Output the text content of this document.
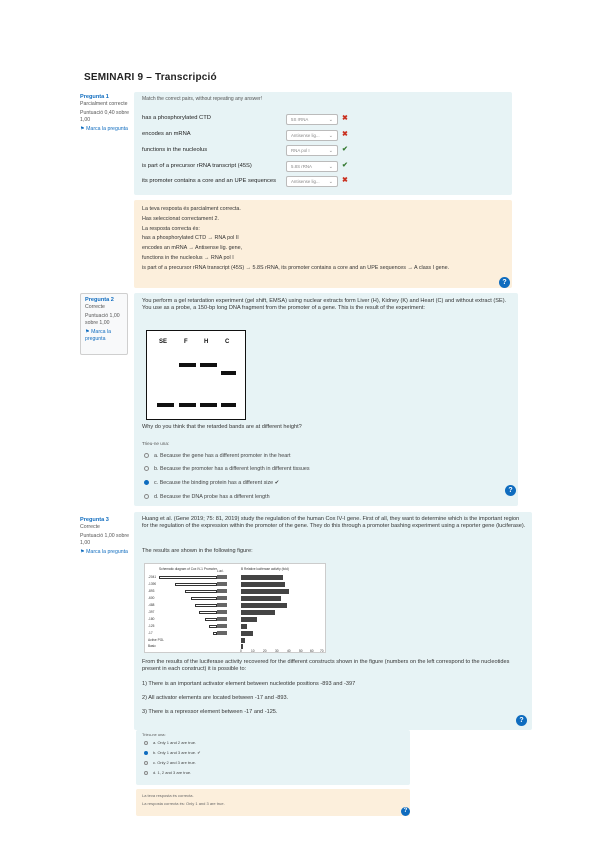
SEMINARI 9 – Transcripció
Pregunta 1
Parcialment correcte
Puntuació 0,40 sobre 1,00
⚑ Marca la pregunta
Match the correct pairs, without repeating any answer!
has a phosphorylated CTD	5S rRNA	⌄ ✖
encodes an mRNA	Antisense lig... ⌄ ✖
functions in the nucleolus	RNA pol I	⌄ ✔
is part of a precursor rRNA transcript (45S)	5.8S rRNA	⌄ ✔
its promoter contains a core and an UPE sequences	Antisense lig... ⌄ ✖
La teva resposta és parcialment correcta.
Has seleccionat correctament 2.
La resposta correcta és:
has a phosphorylated CTD → RNA pol II
encodes an mRNA → Antisense lig. gene,
functions in the nucleolus → RNA pol I
is part of a precursor rRNA transcript (45S) → 5.8S rRNA, its promoter contains a core and an UPE sequences → A class I gene.
?
Pregunta 2
Correcte
Puntuació 1,00 sobre 1,00
⚑ Marca la pregunta
You perform a gel retardation experiment (gel shift, EMSA) using nuclear extracts form Liver (H), Kidney (K) and Heart (C) and without extract (SE). You use as a probe, a 150-bp long DNA fragment from the promoter of a gene. This is the result of the experiment:
SE	F	H	C
Why do you think that the retarded bands are at different height?
Trieu-ne una:
a. Because the gene has a different promoter in the heart
b. Because the promoter has a different length in different tissues
c. Because the binding protein has a different size ✔
d. Because the DNA probe has a different length
?
Pregunta 3
Correcte
Puntuació 1,00 sobre 1,00
⚑ Marca la pregunta
Huang et al. (Gene 2019; 75: 81, 2019) study the regulation of the human Cox IV-I gene. First of all, they want to determine which is the important region for the regulation of the expression within the promoter of the gene. They do this through a promoter bashing experiment using a reporter gene (luciferase).
The results are shown in the following figure:
Schematic diagram of Cox IV-1 Promoter	B Relative luciferase activity (fold)
-2041
-1390
-893
-600
-488
-397
-180
-125
-17
Active PGL
Basic
Luci.
0	10	20	30	40	50 60 70
From the results of the luciferase activity recovered for the different constructs shown in the figure (numbers on the left correspond to the nucleotides present in each construct) it is possible to:
1) There is an important activator element between nucleotide positions -893 and -397
2) All activator elements are located between -17 and -893.
3) There is a repressor element between -17 and -125.
?
Trieu-ne una:
a. Only 1 and 2 are true.
b. Only 1 and 3 are true. ✔
c. Only 2 and 3 are true.
d. 1, 2 and 3 are true.
La teva resposta és correcta.
La resposta correcta és: Only 1 and 3 are true.
?
